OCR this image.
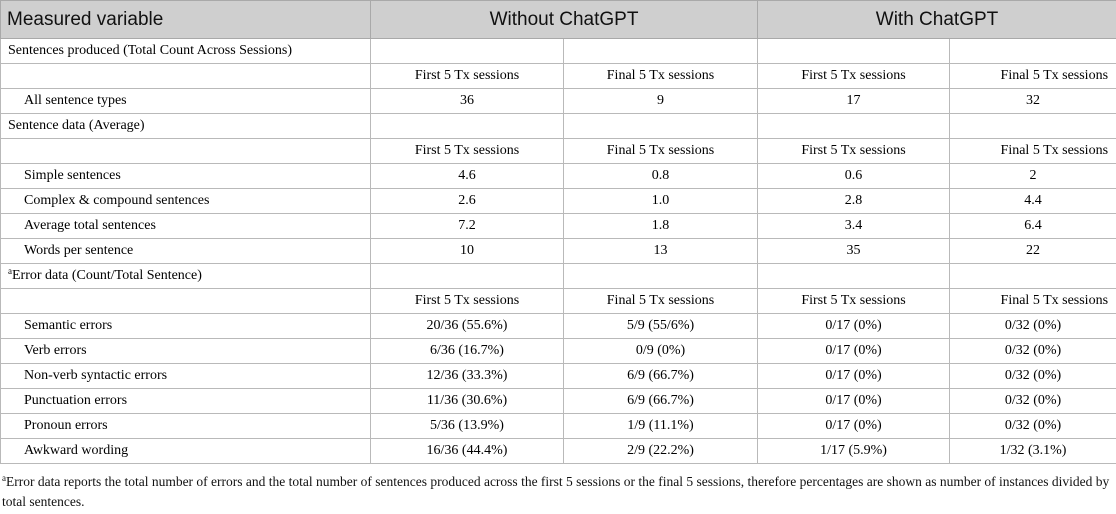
Measured variable	Without ChatGPT		With ChatGPT	
Sentences produced (Total Count Across Sessions)				
	First 5 Tx sessions	Final 5 Tx sessions	First 5 Tx sessions	Final 5 Tx sessions
All sentence types	36	9	17	32
Sentence data (Average)				
	First 5 Tx sessions	Final 5 Tx sessions	First 5 Tx sessions	Final 5 Tx sessions
Simple sentences	4.6	0.8	0.6	2
Complex & compound sentences	2.6	1.0	2.8	4.4
Average total sentences	7.2	1.8	3.4	6.4
Words per sentence	10	13	35	22
$^a$Error data (Count/Total Sentence)				
	First 5 Tx sessions	Final 5 Tx sessions	First 5 Tx sessions	Final 5 Tx sessions
Semantic errors	20/36 (55.6%)	5/9 (55/6%)	0/17 (0%)	0/32 (0%)
Verb errors	6/36 (16.7%)	0/9 (0%)	0/17 (0%)	0/32 (0%)
Non-verb syntactic errors	12/36 (33.3%)	6/9 (66.7%)	0/17 (0%)	0/32 (0%)
Punctuation errors	11/36 (30.6%)	6/9 (66.7%)	0/17 (0%)	0/32 (0%)
Pronoun errors	5/36 (13.9%)	1/9 (11.1%)	0/17 (0%)	0/32 (0%)
Awkward wording	16/36 (44.4%)	2/9 (22.2%)	1/17 (5.9%)	1/32 (3.1%)
$^a$Error data reports the total number of errors and the total number of sentences produced across the first 5 sessions or the final 5 sessions, therefore percentages are shown as number of instances divided by total sentences.
